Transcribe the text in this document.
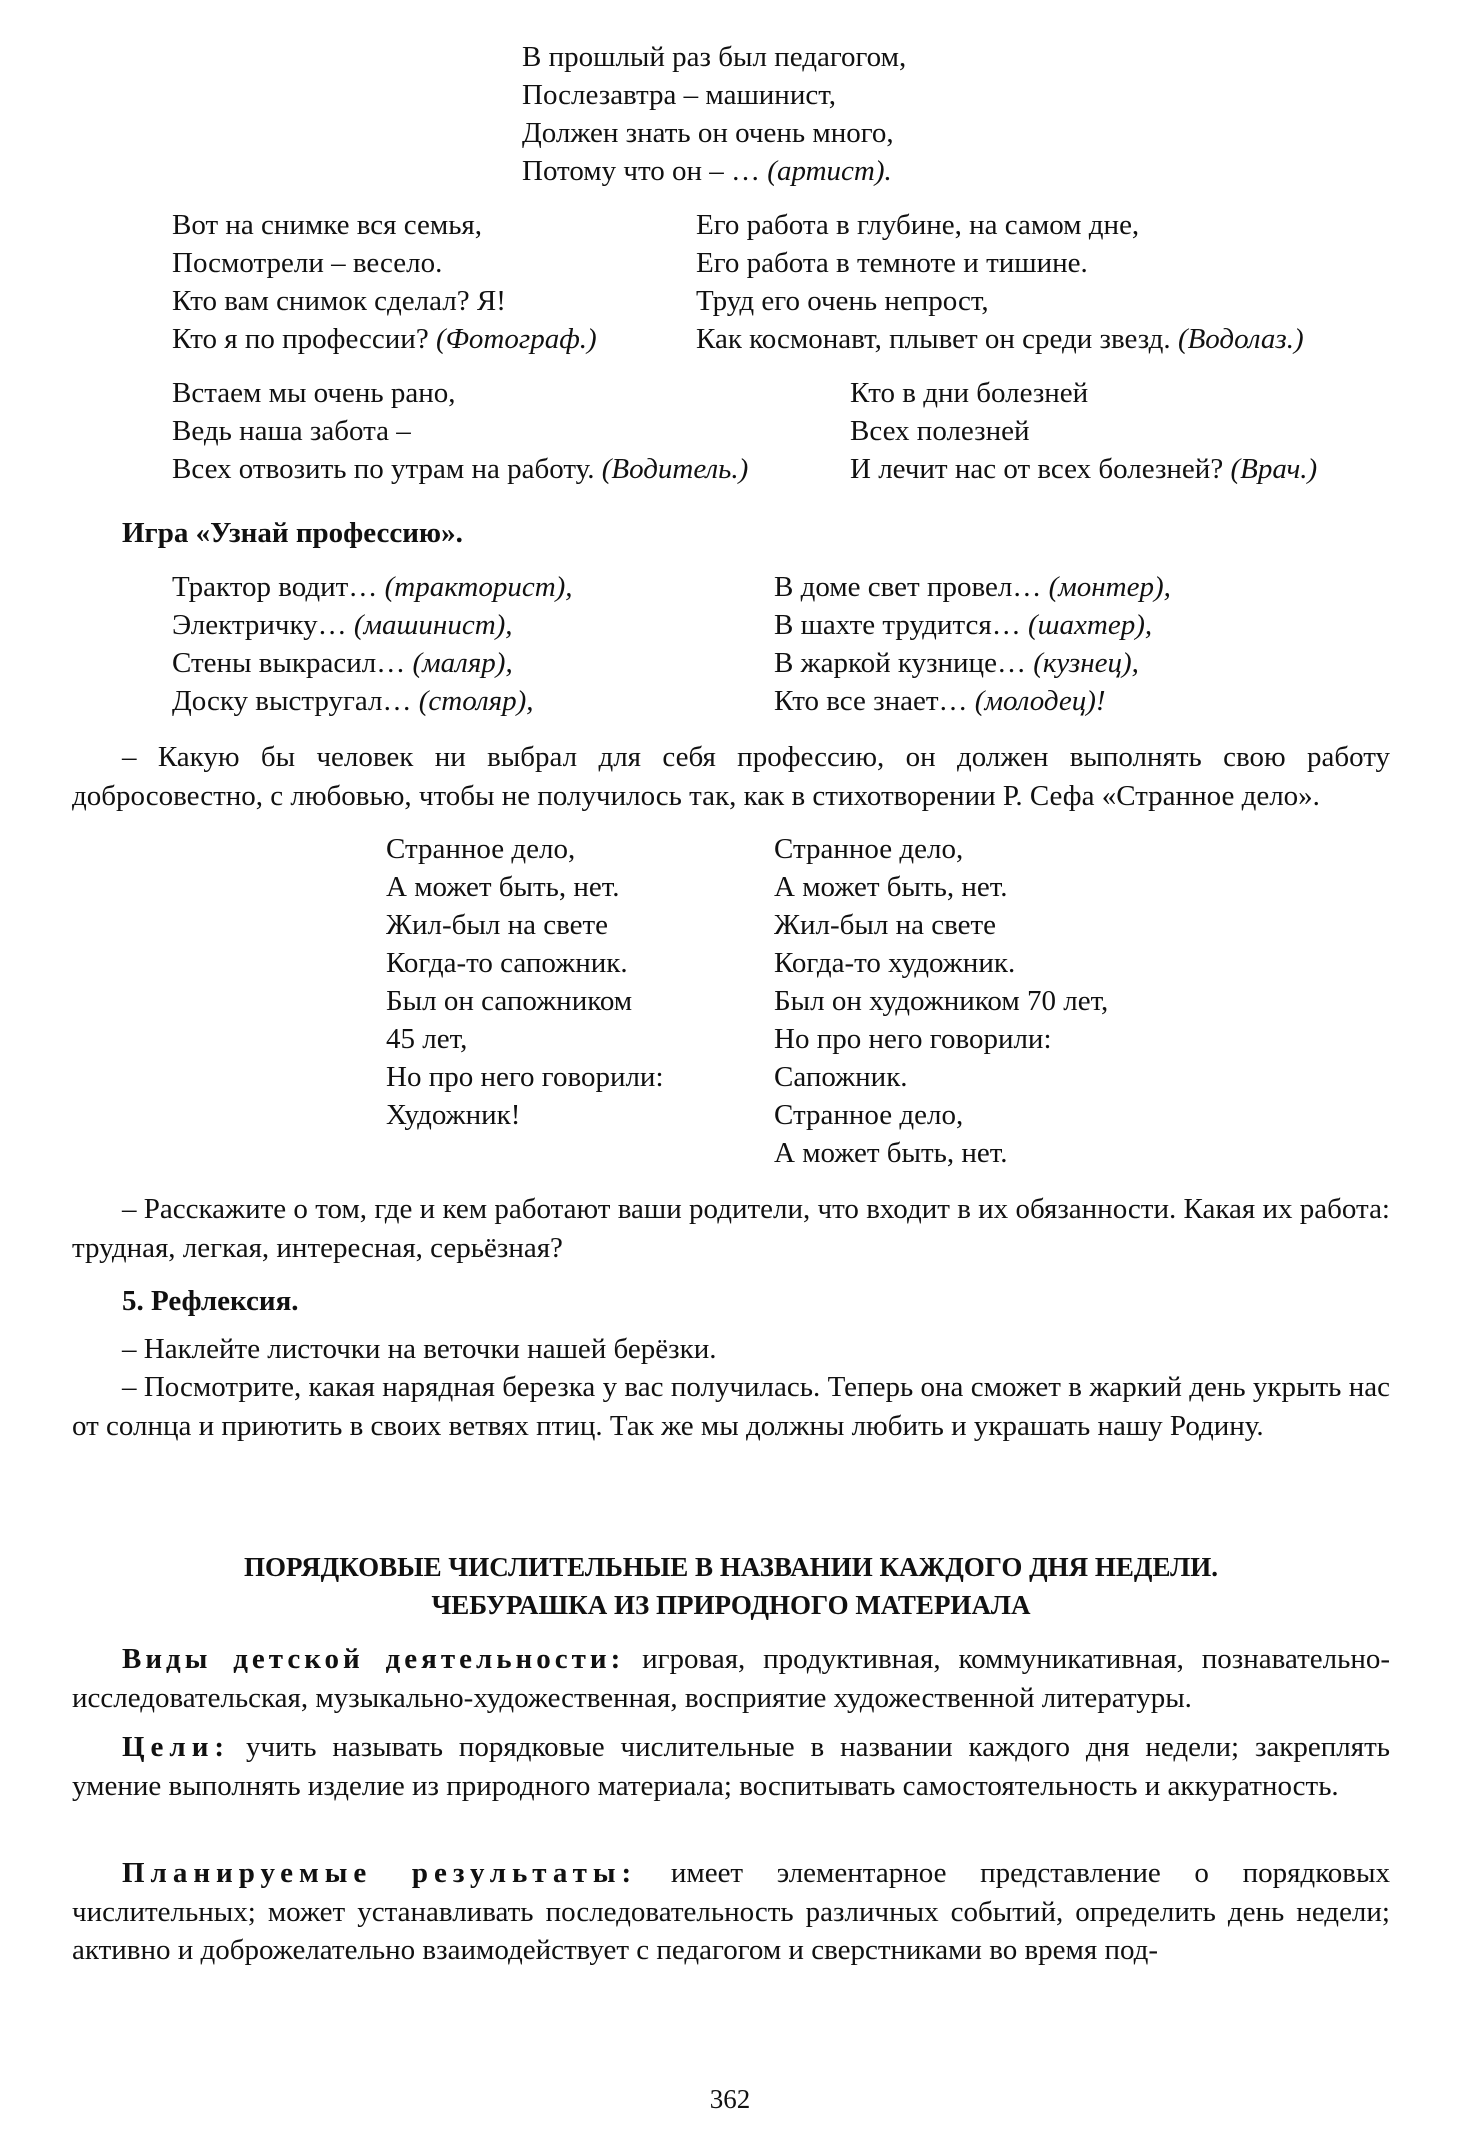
В прошлый раз был педагогом,
Послезавтра – машинист,
Должен знать он очень много,
Потому что он – … (артист).
Вот на снимке вся семья,
Посмотрели – весело.
Кто вам снимок сделал? Я!
Кто я по профессии? (Фотограф.)
Его работа в глубине, на самом дне,
Его работа в темноте и тишине.
Труд его очень непрост,
Как космонавт, плывет он среди звезд. (Водолаз.)
Встаем мы очень рано,
Ведь наша забота –
Всех отвозить по утрам на работу. (Водитель.)
Кто в дни болезней
Всех полезней
И лечит нас от всех болезней? (Врач.)
Игра «Узнай профессию».
Трактор водит… (тракторист),
Электричку… (машинист),
Стены выкрасил… (маляр),
Доску выстругал… (столяр),
В доме свет провел… (монтер),
В шахте трудится… (шахтер),
В жаркой кузнице… (кузнец),
Кто все знает… (молодец)!
– Какую бы человек ни выбрал для себя профессию, он должен выполнять свою работу добросовестно, с любовью, чтобы не получилось так, как в стихотворении Р. Сефа «Странное дело».
Странное дело,
А может быть, нет.
Жил-был на свете
Когда-то сапожник.
Был он сапожником
45 лет,
Но про него говорили:
Художник!
Странное дело,
А может быть, нет.
Жил-был на свете
Когда-то художник.
Был он художником 70 лет,
Но про него говорили:
Сапожник.
Странное дело,
А может быть, нет.
– Расскажите о том, где и кем работают ваши родители, что входит в их обязанности. Какая их работа: трудная, легкая, интересная, серьёзная?
5. Рефлексия.
– Наклейте листочки на веточки нашей берёзки.
– Посмотрите, какая нарядная березка у вас получилась. Теперь она сможет в жаркий день укрыть нас от солнца и приютить в своих ветвях птиц. Так же мы должны любить и украшать нашу Родину.
ПОРЯДКОВЫЕ ЧИСЛИТЕЛЬНЫЕ В НАЗВАНИИ КАЖДОГО ДНЯ НЕДЕЛИ.
ЧЕБУРАШКА ИЗ ПРИРОДНОГО МАТЕРИАЛА
Виды детской деятельности: игровая, продуктивная, коммуникативная, познавательно-исследовательская, музыкально-художественная, восприятие художественной литературы.
Цели: учить называть порядковые числительные в названии каждого дня недели; закреплять умение выполнять изделие из природного материала; воспитывать самостоятельность и аккуратность.
Планируемые результаты: имеет элементарное представление о порядковых числительных; может устанавливать последовательность различных событий, определить день недели; активно и доброжелательно взаимодействует с педагогом и сверстниками во время под-
362
